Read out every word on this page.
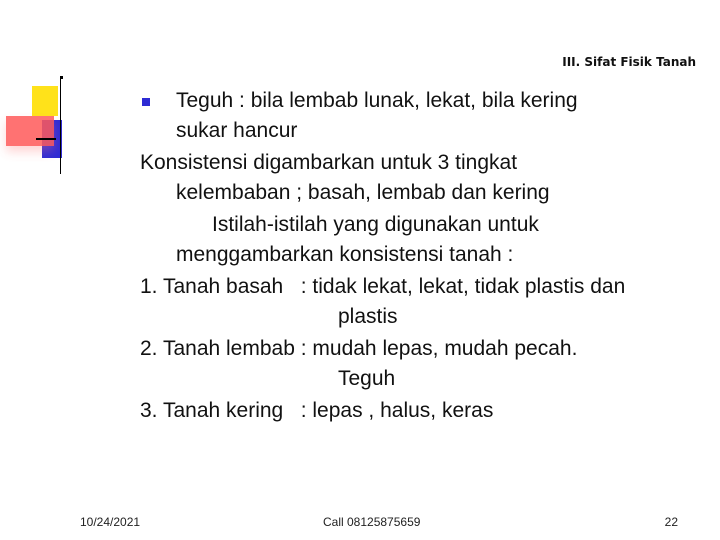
III. Sifat Fisik Tanah
Teguh : bila lembab lunak, lekat, bila kering
sukar hancur
Konsistensi digambarkan untuk 3 tingkat
kelembaban ; basah, lembab dan kering
Istilah-istilah yang digunakan untuk
menggambarkan konsistensi tanah :
1. Tanah basah   : tidak lekat, lekat, tidak plastis dan
plastis
2. Tanah lembab : mudah lepas, mudah pecah.
Teguh
3. Tanah kering   : lepas , halus, keras
10/24/2021	Call 08125875659	22
